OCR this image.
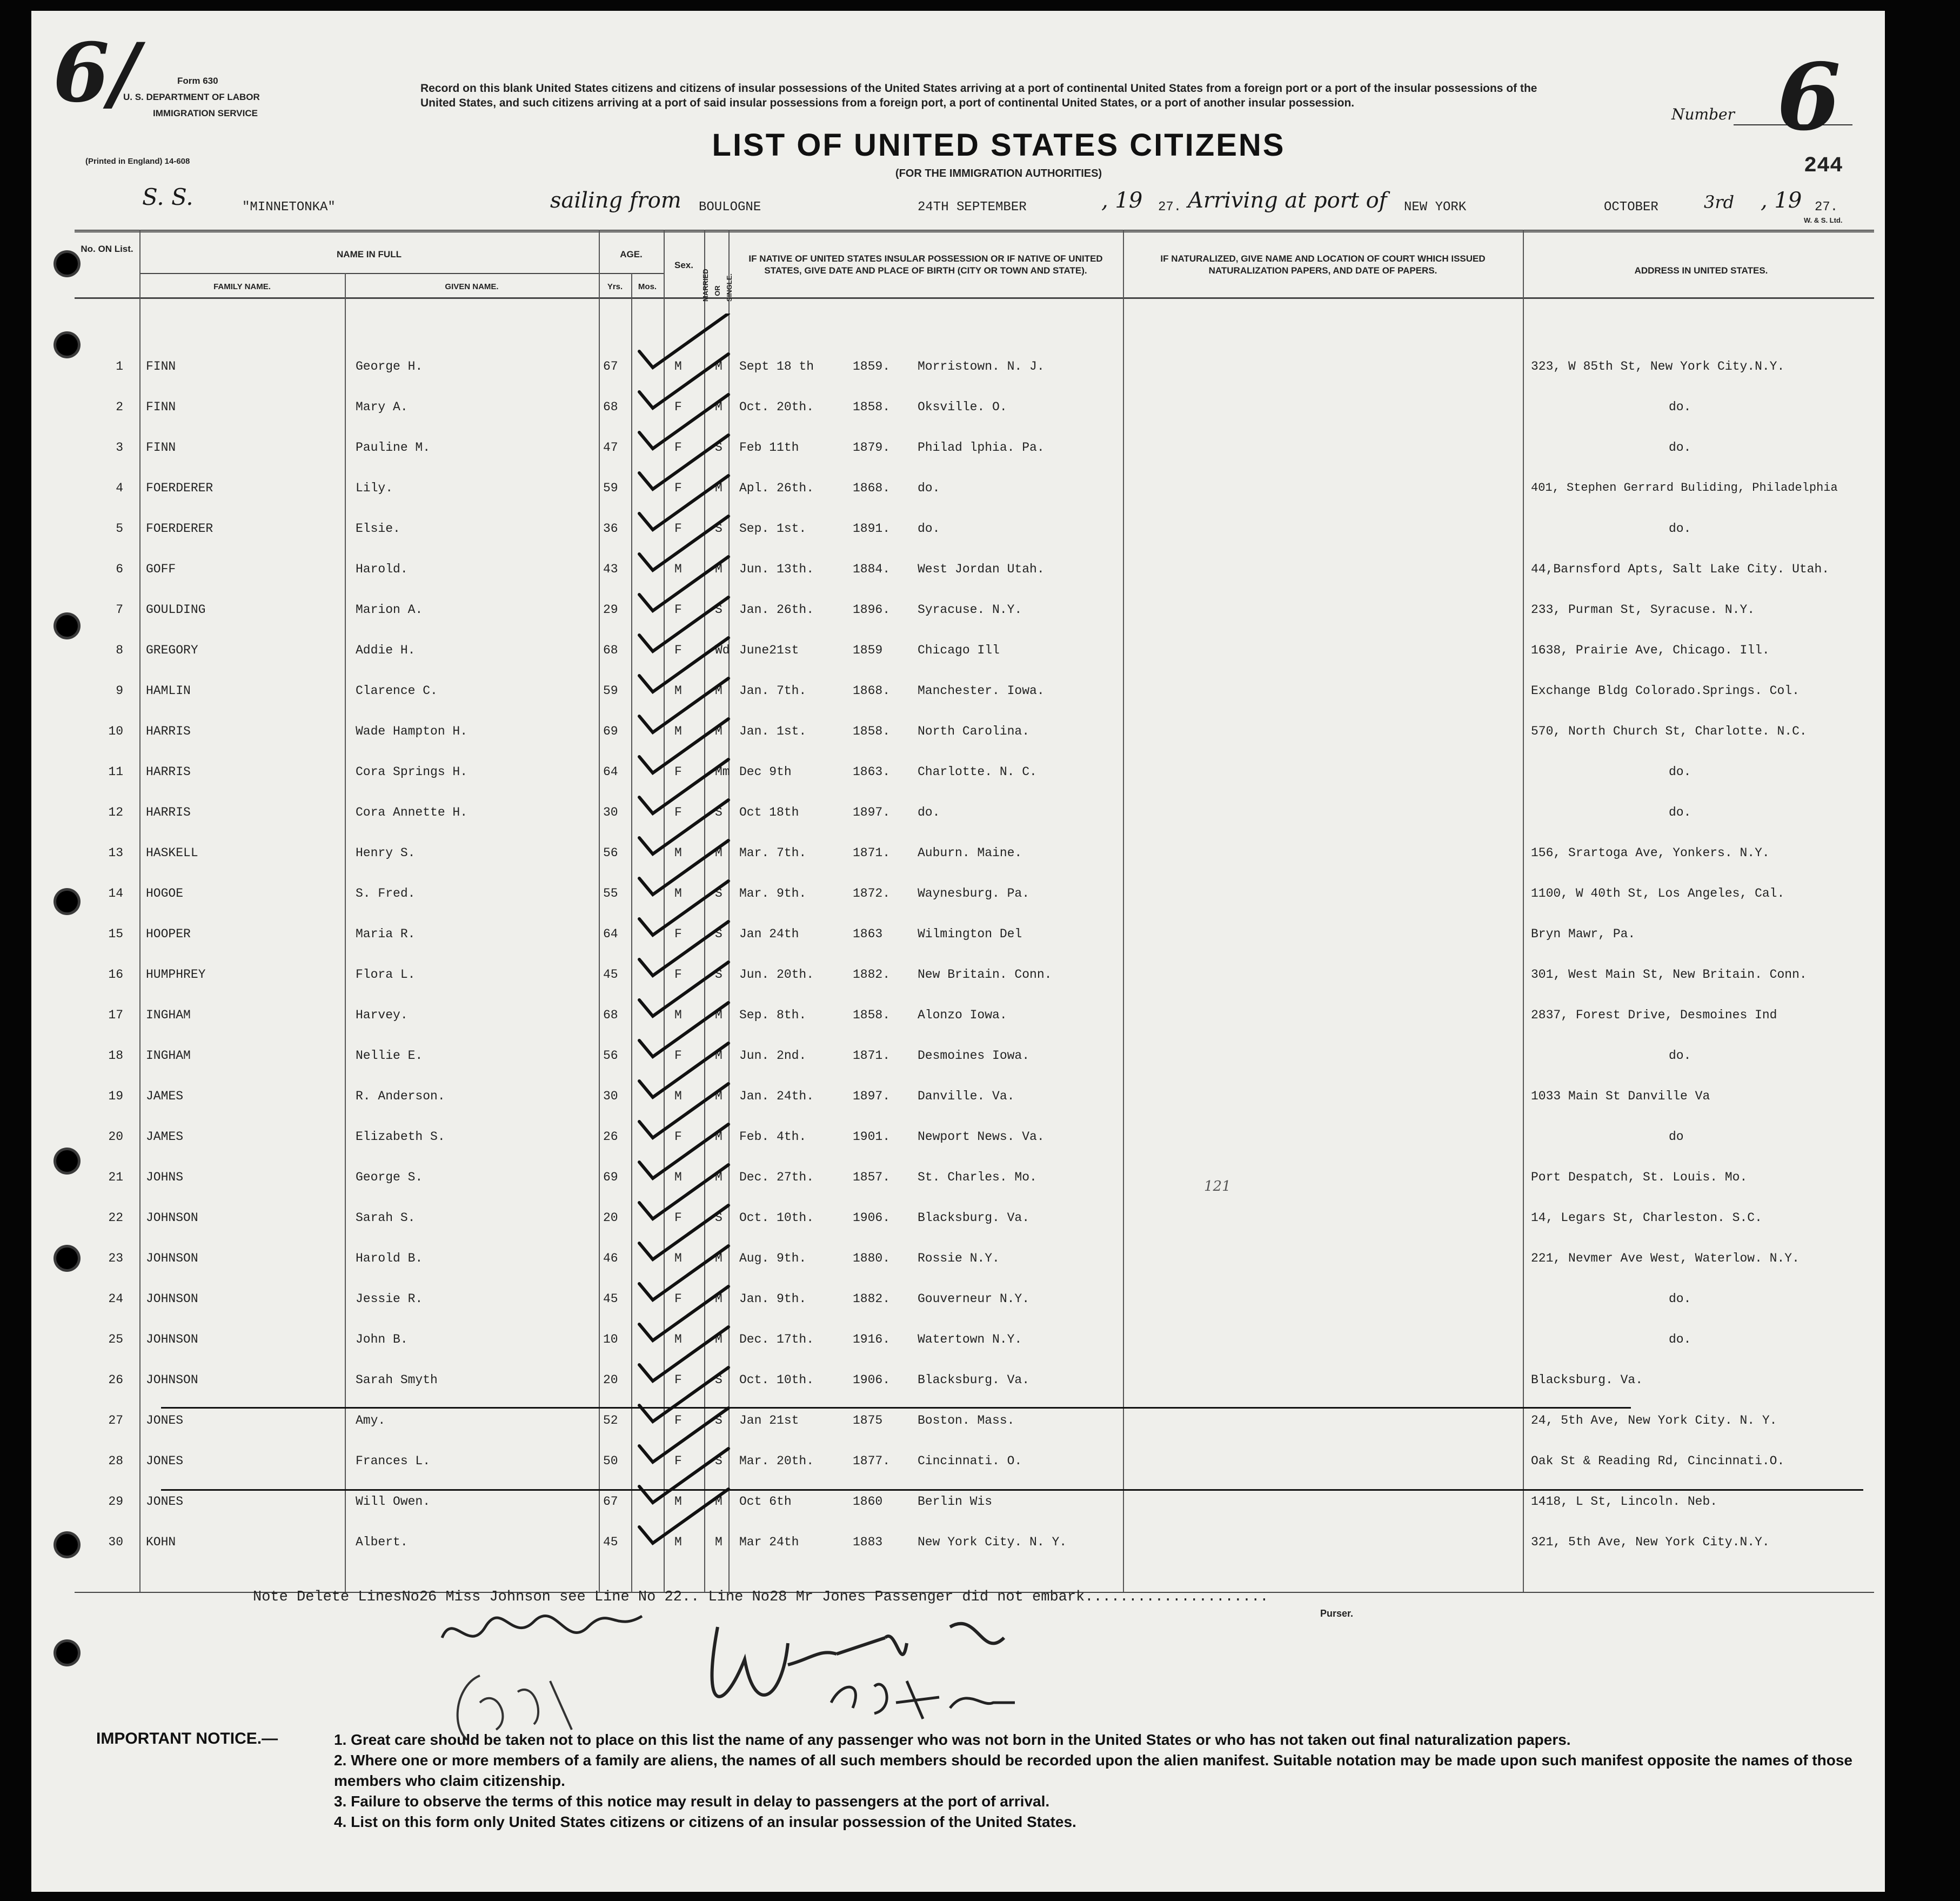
6/	Form 630
U. S. DEPARTMENT OF LABOR
IMMIGRATION SERVICE
(Printed in England) 14-608
Record on this blank United States citizens and citizens of insular possessions of the United States arriving at a port of continental United States from a foreign port or a port of the insular possessions of the United States, and such citizens arriving at a port of said insular possessions from a foreign port, a port of continental United States, or a port of another insular possession.
LIST OF UNITED STATES CITIZENS
(FOR THE IMMIGRATION AUTHORITIES)
Number 6
244
S. S.	"MINNETONKA"	sailing from BOULOGNE	24TH SEPTEMBER	, 19 27. Arriving at port of NEW YORK	OCTOBER	3rd , 19 27.
W. & S. Ltd.
No. ON List.
NAME IN FULL
FAMILY NAME.	GIVEN NAME.
AGE.
Yrs.	Mos.
Sex.
MARRIED OR SINGLE.
IF NATIVE OF UNITED STATES INSULAR POSSESSION OR IF NATIVE OF UNITED STATES, GIVE DATE AND PLACE OF BIRTH (CITY OR TOWN AND STATE).
IF NATURALIZED, GIVE NAME AND LOCATION OF COURT WHICH ISSUED NATURALIZATION PAPERS, AND DATE OF PAPERS.	ADDRESS IN UNITED STATES.
1 FINN	George H.	67	M	M Sept 18 th	1859. Morristown. N. J.	323, W 85th St, New York City.N.Y.
2 FINN	Mary A.	68	F	M Oct. 20th.	1858. Oksville. O.	do.
3 FINN	Pauline M.	47	F	S Feb 11th	1879. Philad lphia. Pa.	do.
4 FOERDERER	Lily.	59	F	M Apl. 26th.	1868. do.	401, Stephen Gerrard Buliding, Philadelphia
5 FOERDERER	Elsie.	36	F	S Sep. 1st.	1891. do.	do.
6 GOFF	Harold.	43	M	M Jun. 13th.	1884. West Jordan Utah.	44,Barnsford Apts, Salt Lake City. Utah.
7 GOULDING	Marion A.	29	F	S Jan. 26th.	1896. Syracuse. N.Y.	233, Purman St, Syracuse. N.Y.
8 GREGORY	Addie H.	68	F	Wd June21st	1859	Chicago Ill	1638, Prairie Ave, Chicago. Ill.
9 HAMLIN	Clarence C.	59	M	M Jan. 7th.	1868. Manchester. Iowa.	Exchange Bldg Colorado.Springs. Col.
10 HARRIS	Wade Hampton H.	69	M	M Jan. 1st.	1858. North Carolina.	570, North Church St, Charlotte. N.C.
11 HARRIS	Cora Springs H.	64	F	Mm Dec 9th	1863. Charlotte. N. C.	do.
12 HARRIS	Cora Annette H.	30	F	S Oct 18th	1897. do.	do.
13 HASKELL	Henry S.	56	M	M Mar. 7th.	1871. Auburn. Maine.	156, Srartoga Ave, Yonkers. N.Y.
14 HOGOE	S. Fred.	55	M	S Mar. 9th.	1872. Waynesburg. Pa.	1100, W 40th St, Los Angeles, Cal.
15 HOOPER	Maria R.	64	F	S Jan 24th	1863	Wilmington Del	Bryn Mawr, Pa.
16 HUMPHREY	Flora L.	45	F	S Jun. 20th.	1882. New Britain. Conn.	301, West Main St, New Britain. Conn.
17 INGHAM	Harvey.	68	M	M Sep. 8th.	1858. Alonzo Iowa.	2837, Forest Drive, Desmoines Ind
18 INGHAM	Nellie E.	56	F	M Jun. 2nd.	1871. Desmoines Iowa.	do.
19 JAMES	R. Anderson.	30	M	M Jan. 24th.	1897. Danville. Va.	1033 Main St Danville Va
20 JAMES	Elizabeth S.	26	F	M Feb. 4th.	1901. Newport News. Va.	do
21 JOHNS	George S.	69	M	M Dec. 27th.	1857. St. Charles. Mo.	Port Despatch, St. Louis. Mo.
22 JOHNSON	Sarah S.	20	F	S Oct. 10th.	1906. Blacksburg. Va.	14, Legars St, Charleston. S.C.
23 JOHNSON	Harold B.	46	M	M Aug. 9th.	1880. Rossie N.Y.	221, Nevmer Ave West, Waterlow. N.Y.
24 JOHNSON	Jessie R.	45	F	M Jan. 9th.	1882. Gouverneur N.Y.	do.
25 JOHNSON	John B.	10	M	M Dec. 17th.	1916. Watertown N.Y.	do.
26 JOHNSON	Sarah Smyth	20	F	S Oct. 10th.	1906. Blacksburg. Va.	Blacksburg. Va.
27 JONES	Amy.	52	F	S Jan 21st	1875	Boston. Mass.	24, 5th Ave, New York City. N. Y.
28 JONES	Frances L.	50	F	S Mar. 20th.	1877. Cincinnati. O.	Oak St & Reading Rd, Cincinnati.O.
29 JONES	Will Owen.	67	M	M Oct 6th	1860	Berlin Wis	1418, L St, Lincoln. Neb.
30 KOHN	Albert.	45	M	M Mar 24th	1883	New York City. N. Y.	321, 5th Ave, New York City.N.Y.
121
Note Delete LinesNo26 Miss Johnson see Line No 22.. Line No28 Mr Jones Passenger did not embark.....................
Purser.
IMPORTANT NOTICE.—	1. Great care should be taken not to place on this list the name of any passenger who was not born in the United States or who has not taken out final naturalization papers.
2. Where one or more members of a family are aliens, the names of all such members should be recorded upon the alien manifest. Suitable notation may be made upon such manifest opposite the names of those members who claim citizenship.
3. Failure to observe the terms of this notice may result in delay to passengers at the port of arrival.
4. List on this form only United States citizens or citizens of an insular possession of the United States.
